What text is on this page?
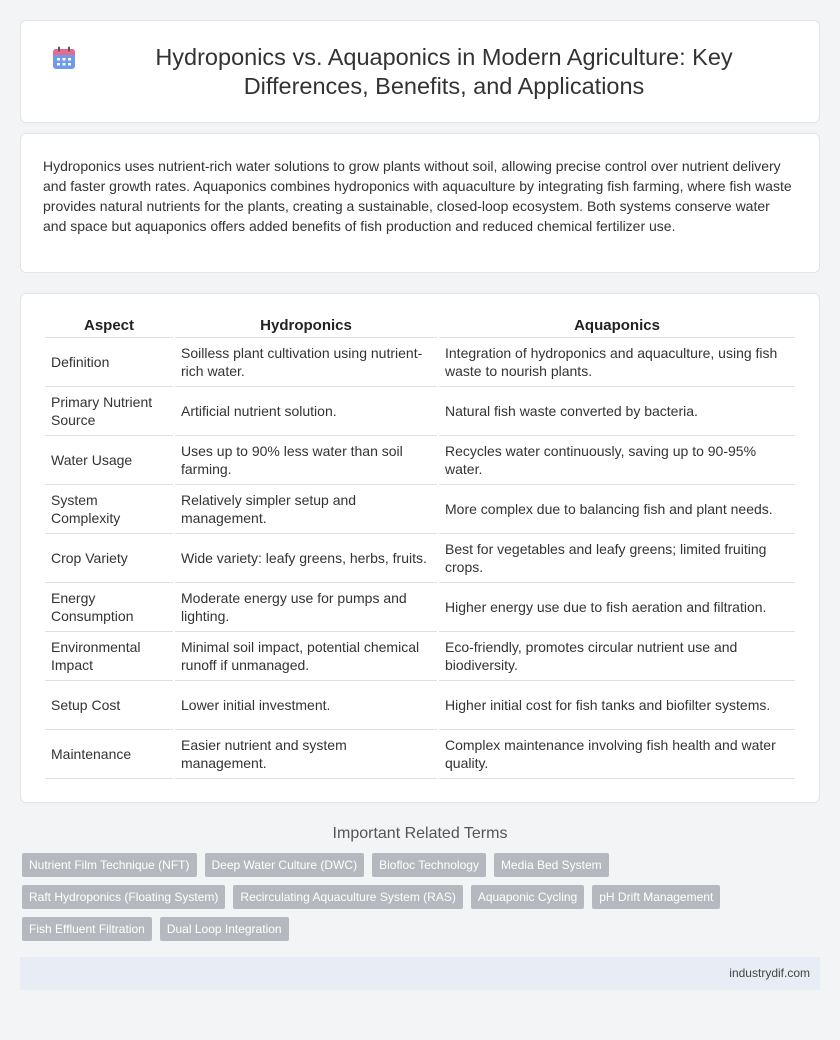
Hydroponics vs. Aquaponics in Modern Agriculture: Key Differences, Benefits, and Applications

Hydroponics uses nutrient-rich water solutions to grow plants without soil, allowing precise control over nutrient delivery and faster growth rates. Aquaponics combines hydroponics with aquaculture by integrating fish farming, where fish waste provides natural nutrients for the plants, creating a sustainable, closed-loop ecosystem. Both systems conserve water and space but aquaponics offers added benefits of fish production and reduced chemical fertilizer use.

Aspect	Hydroponics	Aquaponics
Definition	Soilless plant cultivation using nutrient-rich water.	Integration of hydroponics and aquaculture, using fish waste to nourish plants.
Primary Nutrient Source	Artificial nutrient solution.	Natural fish waste converted by bacteria.
Water Usage	Uses up to 90% less water than soil farming.	Recycles water continuously, saving up to 90-95% water.
System Complexity	Relatively simpler setup and management.	More complex due to balancing fish and plant needs.
Crop Variety	Wide variety: leafy greens, herbs, fruits.	Best for vegetables and leafy greens; limited fruiting crops.
Energy Consumption	Moderate energy use for pumps and lighting.	Higher energy use due to fish aeration and filtration.
Environmental Impact	Minimal soil impact, potential chemical runoff if unmanaged.	Eco-friendly, promotes circular nutrient use and biodiversity.
Setup Cost	Lower initial investment.	Higher initial cost for fish tanks and biofilter systems.
Maintenance	Easier nutrient and system management.	Complex maintenance involving fish health and water quality.
Important Related Terms
Nutrient Film Technique (NFT)	Deep Water Culture (DWC)	Biofloc Technology	Media Bed System
Raft Hydroponics (Floating System)	Recirculating Aquaculture System (RAS)	Aquaponic Cycling	pH Drift Management
Fish Effluent Filtration	Dual Loop Integration
industrydif.com
